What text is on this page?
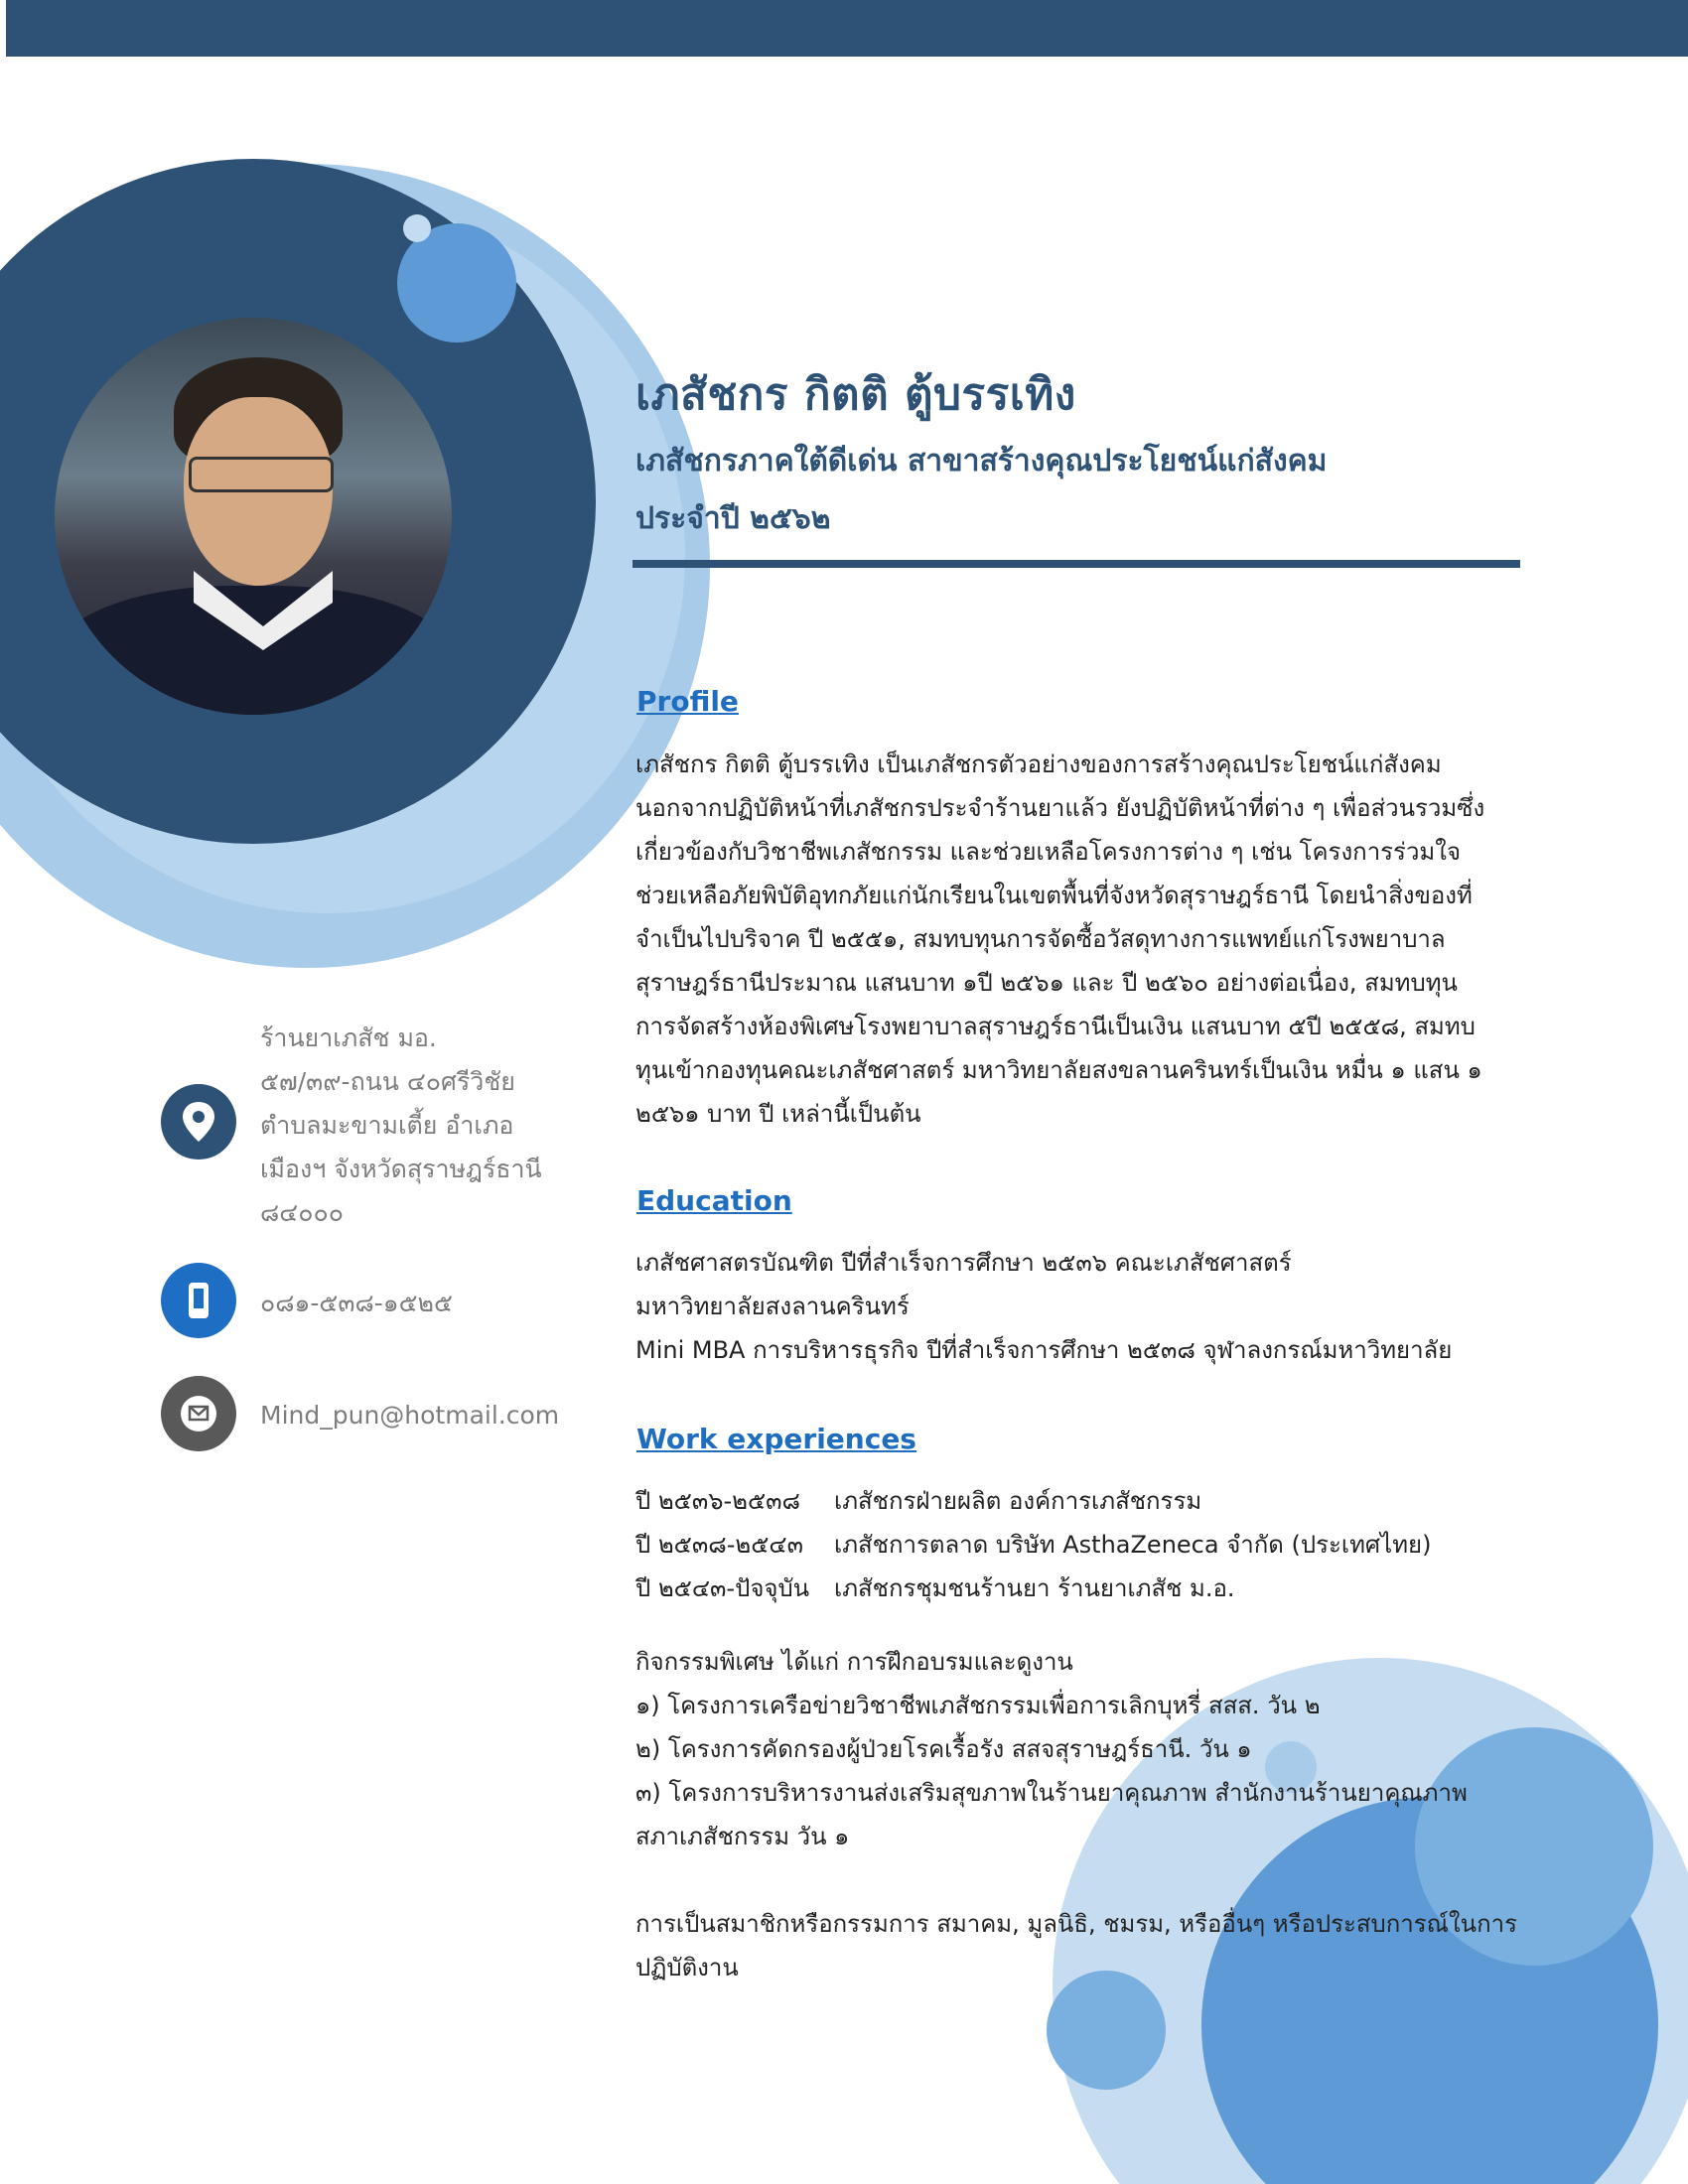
เภสัชกร กิตติ ตู้บรรเทิง
เภสัชกรภาคใต้ดีเด่น สาขาสร้างคุณประโยชน์แก่สังคม
ประจำปี ๒๕๖๒
ร้านยาเภสัช มอ.
๕๗/๓๙-ถนน ๔๐ศรีวิชัย
ตำบลมะขามเตี้ย อำเภอ
เมืองฯ จังหวัดสุราษฎร์ธานี
๘๔๐๐๐
๐๘๑-๕๓๘-๑๕๒๕
Mind_pun@hotmail.com
Profile
เภสัชกร กิตติ ตู้บรรเทิง เป็นเภสัชกรตัวอย่างของการสร้างคุณประโยชน์แก่สังคม
นอกจากปฏิบัติหน้าที่เภสัชกรประจำร้านยาแล้ว ยังปฏิบัติหน้าที่ต่าง ๆ เพื่อส่วนรวมซึ่ง
เกี่ยวข้องกับวิชาชีพเภสัชกรรม และช่วยเหลือโครงการต่าง ๆ เช่น โครงการร่วมใจ
ช่วยเหลือภัยพิบัติอุทกภัยแก่นักเรียนในเขตพื้นที่จังหวัดสุราษฎร์ธานี โดยนำสิ่งของที่
จำเป็นไปบริจาค ปี ๒๕๕๑, สมทบทุนการจัดซื้อวัสดุทางการแพทย์แก่โรงพยาบาล
สุราษฎร์ธานีประมาณ แสนบาท ๑ปี ๒๕๖๑ และ ปี ๒๕๖๐ อย่างต่อเนื่อง, สมทบทุน
การจัดสร้างห้องพิเศษโรงพยาบาลสุราษฎร์ธานีเป็นเงิน แสนบาท ๕ปี ๒๕๕๘, สมทบ
ทุนเข้ากองทุนคณะเภสัชศาสตร์ มหาวิทยาลัยสงขลานครินทร์เป็นเงิน หมื่น ๑ แสน ๑
๒๕๖๑ บาท ปี เหล่านี้เป็นต้น
Education
เภสัชศาสตรบัณฑิต ปีที่สำเร็จการศึกษา ๒๕๓๖ คณะเภสัชศาสตร์
มหาวิทยาลัยสงลานครินทร์
Mini MBA การบริหารธุรกิจ ปีที่สำเร็จการศึกษา ๒๕๓๘ จุฬาลงกรณ์มหาวิทยาลัย
Work experiences
ปี ๒๕๓๖-๒๕๓๘	เภสัชกรฝ่ายผลิต องค์การเภสัชกรรม
ปี ๒๕๓๘-๒๕๔๓	เภสัชการตลาด บริษัท AsthaZeneca จำกัด (ประเทศไทย)
ปี ๒๕๔๓-ปัจจุบัน	เภสัชกรชุมชนร้านยา ร้านยาเภสัช ม.อ.
กิจกรรมพิเศษ ได้แก่ การฝึกอบรมและดูงาน
๑) โครงการเครือข่ายวิชาชีพเภสัชกรรมเพื่อการเลิกบุหรี่ สสส. วัน ๒
๒) โครงการคัดกรองผู้ป่วยโรคเรื้อรัง สสจสุราษฎร์ธานี. วัน ๑
๓) โครงการบริหารงานส่งเสริมสุขภาพในร้านยาคุณภาพ สำนักงานร้านยาคุณภาพ
สภาเภสัชกรรม วัน ๑
การเป็นสมาชิกหรือกรรมการ สมาคม, มูลนิธิ, ชมรม, หรืออื่นๆ หรือประสบการณ์ในการ
ปฏิบัติงาน
